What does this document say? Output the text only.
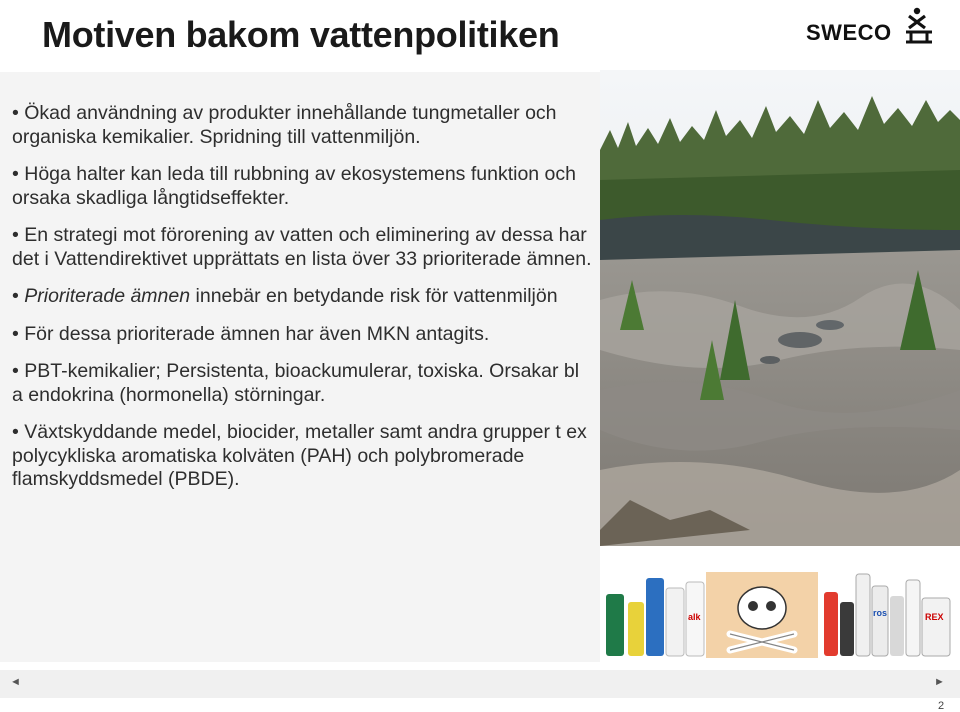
Motiven bakom vattenpolitiken	SWECO
• Ökad användning av produkter innehållande tungmetaller och organiska kemikalier. Spridning till vattenmiljön.
• Höga halter kan leda till rubbning av ekosystemens funktion och orsaka skadliga långtidseffekter.
• En strategi mot förorening av vatten och eliminering av dessa har det i Vattendirektivet upprättats en lista över 33 prioriterade ämnen.
• Prioriterade ämnen innebär en betydande risk för vattenmiljön
• För dessa prioriterade ämnen har även MKN antagits.
• PBT-kemikalier; Persistenta, bioackumulerar, toxiska. Orsakar bl a endokrina (hormonella) störningar.
• Växtskyddande medel, biocider, metaller samt andra grupper t ex polycykliska aromatiska kolväten (PAH) och polybromerade flamskyddsmedel (PBDE).
alk	ros	REX
◄	►
2
